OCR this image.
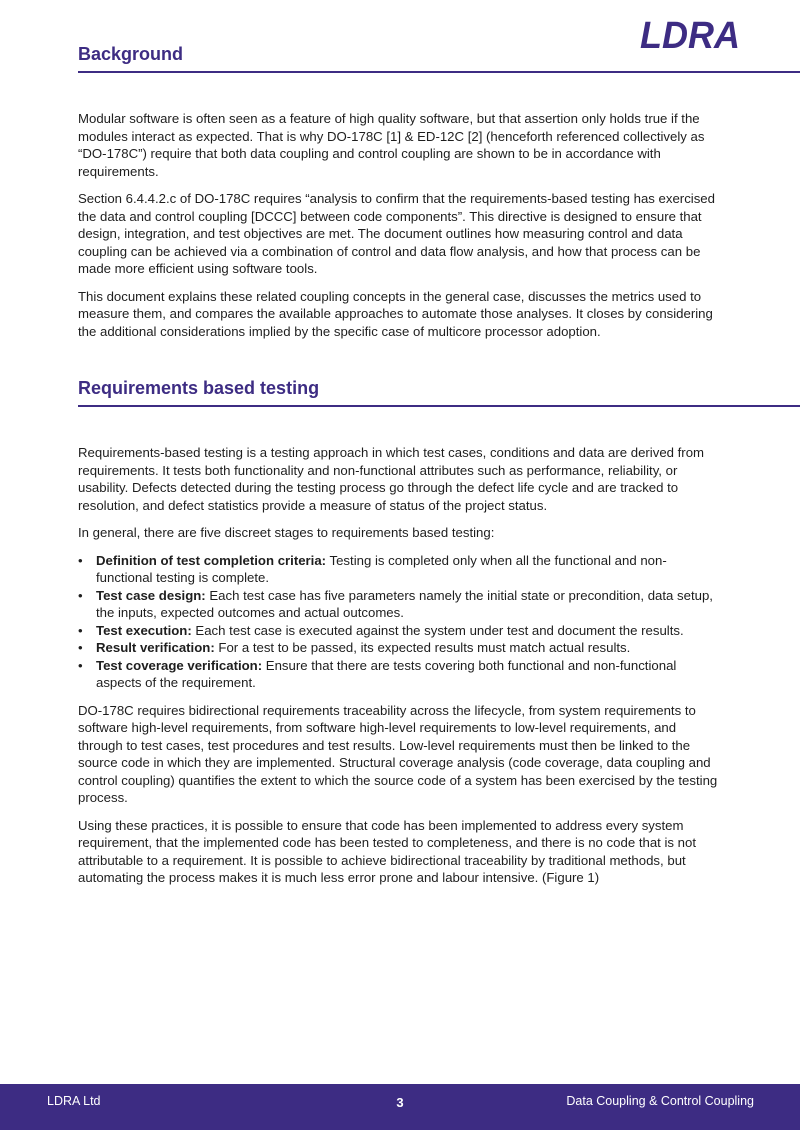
LDRA
Background

Modular software is often seen as a feature of high quality software, but that assertion only holds true if the modules interact as expected. That is why DO-178C [1] & ED-12C [2] (henceforth referenced collectively as “DO-178C”) require that both data coupling and control coupling are shown to be in accordance with requirements.

Section 6.4.4.2.c of DO-178C requires “analysis to confirm that the requirements-based testing has exercised the data and control coupling [DCCC] between code components”. This directive is designed to ensure that design, integration, and test objectives are met. The document outlines how measuring control and data coupling can be achieved via a combination of control and data flow analysis, and how that process can be made more efficient using software tools.

This document explains these related coupling concepts in the general case, discusses the metrics used to measure them, and compares the available approaches to automate those analyses. It closes by considering the additional considerations implied by the specific case of multicore processor adoption.

Requirements based testing

Requirements-based testing is a testing approach in which test cases, conditions and data are derived from requirements. It tests both functionality and non-functional attributes such as performance, reliability, or usability. Defects detected during the testing process go through the defect life cycle and are tracked to resolution, and defect statistics provide a measure of status of the project status.

In general, there are five discreet stages to requirements based testing:

• Definition of test completion criteria: Testing is completed only when all the functional and non-functional testing is complete.
• Test case design: Each test case has five parameters namely the initial state or precondition, data setup, the inputs, expected outcomes and actual outcomes.
• Test execution: Each test case is executed against the system under test and document the results.
• Result verification: For a test to be passed, its expected results must match actual results.
• Test coverage verification: Ensure that there are tests covering both functional and non-functional aspects of the requirement.

DO-178C requires bidirectional requirements traceability across the lifecycle, from system requirements to software high-level requirements, from software high-level requirements to low-level requirements, and through to test cases, test procedures and test results. Low-level requirements must then be linked to the source code in which they are implemented. Structural coverage analysis (code coverage, data coupling and control coupling) quantifies the extent to which the source code of a system has been exercised by the testing process.

Using these practices, it is possible to ensure that code has been implemented to address every system requirement, that the implemented code has been tested to completeness, and there is no code that is not attributable to a requirement. It is possible to achieve bidirectional traceability by traditional methods, but automating the process makes it is much less error prone and labour intensive. (Figure 1)

LDRA Ltd	3	Data Coupling & Control Coupling
